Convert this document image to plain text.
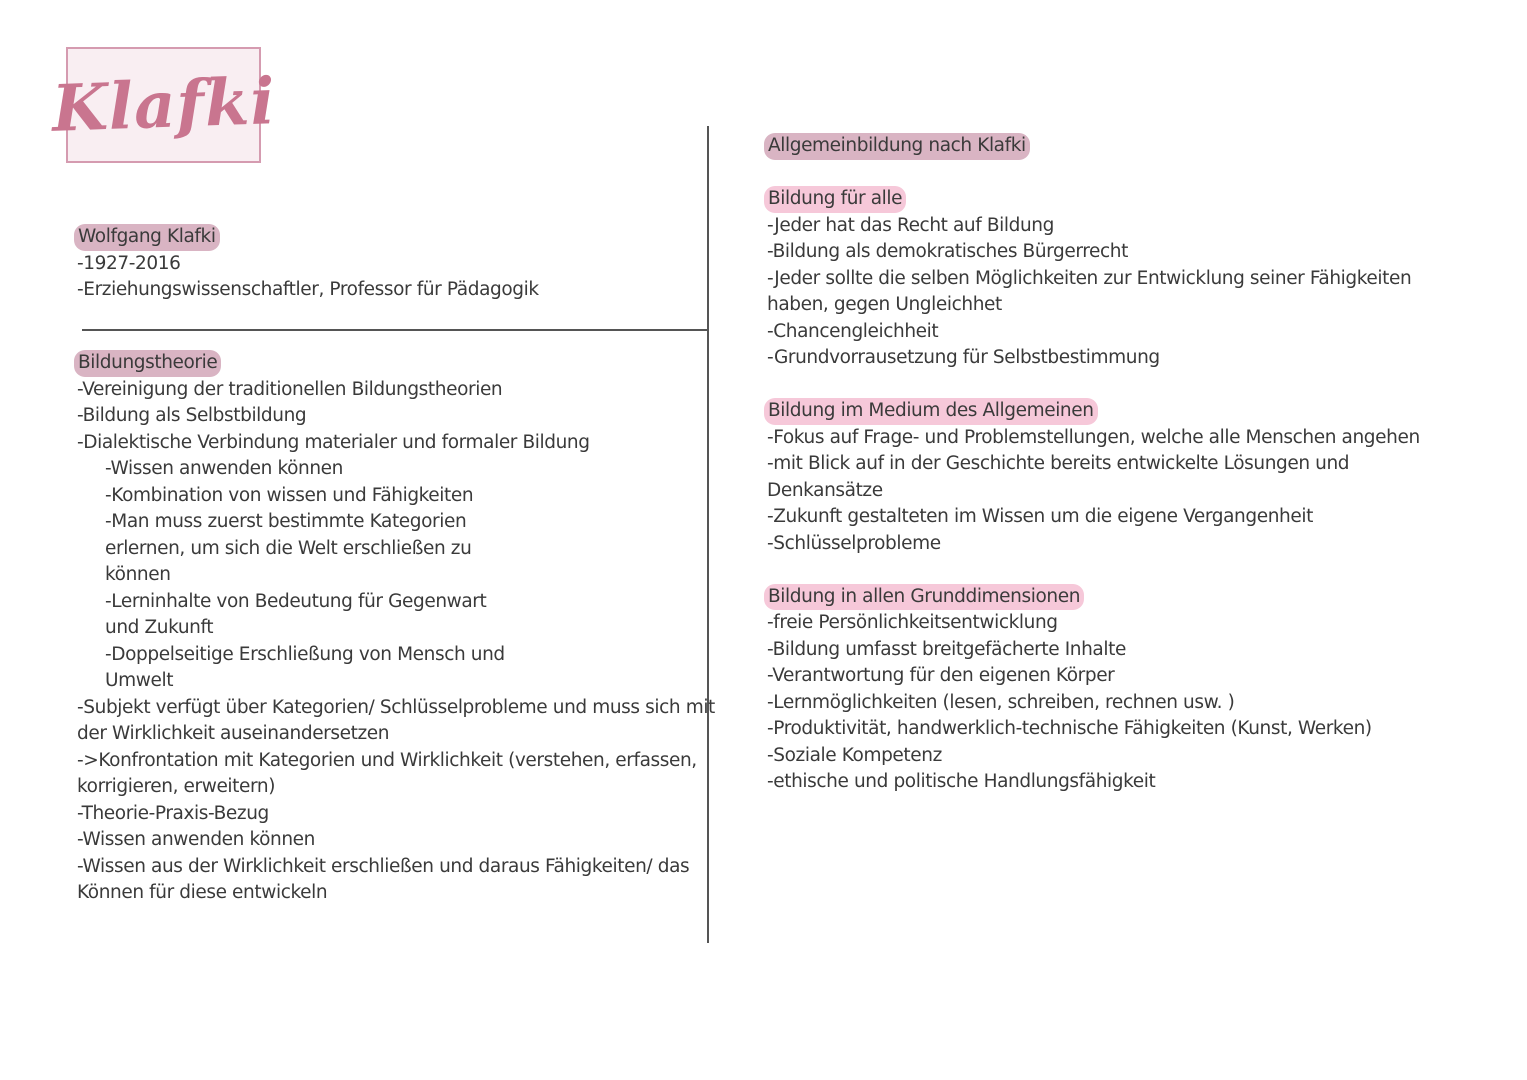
Klafki
Wolfgang Klafki
-1927-2016
-Erziehungswissenschaftler, Professor für Pädagogik
Bildungstheorie
-Vereinigung der traditionellen Bildungstheorien
-Bildung als Selbstbildung
-Dialektische Verbindung materialer und formaler Bildung
-Wissen anwenden können
-Kombination von wissen und Fähigkeiten
-Man muss zuerst bestimmte Kategorien
erlernen, um sich die Welt erschließen zu
können
-Lerninhalte von Bedeutung für Gegenwart
und Zukunft
-Doppelseitige Erschließung von Mensch und
Umwelt
-Subjekt verfügt über Kategorien/ Schlüsselprobleme und muss sich mit
der Wirklichkeit auseinandersetzen
->Konfrontation mit Kategorien und Wirklichkeit (verstehen, erfassen,
korrigieren, erweitern)
-Theorie-Praxis-Bezug
-Wissen anwenden können
-Wissen aus der Wirklichkeit erschließen und daraus Fähigkeiten/ das
Können für diese entwickeln
Allgemeinbildung nach Klafki

Bildung für alle
-Jeder hat das Recht auf Bildung
-Bildung als demokratisches Bürgerrecht
-Jeder sollte die selben Möglichkeiten zur Entwicklung seiner Fähigkeiten
haben, gegen Ungleichhet
-Chancengleichheit
-Grundvorrausetzung für Selbstbestimmung

Bildung im Medium des Allgemeinen
-Fokus auf Frage- und Problemstellungen, welche alle Menschen angehen
-mit Blick auf in der Geschichte bereits entwickelte Lösungen und
Denkansätze
-Zukunft gestalteten im Wissen um die eigene Vergangenheit
-Schlüsselprobleme

Bildung in allen Grunddimensionen
-freie Persönlichkeitsentwicklung
-Bildung umfasst breitgefächerte Inhalte
-Verantwortung für den eigenen Körper
-Lernmöglichkeiten (lesen, schreiben, rechnen usw. )
-Produktivität, handwerklich-technische Fähigkeiten (Kunst, Werken)
-Soziale Kompetenz
-ethische und politische Handlungsfähigkeit
